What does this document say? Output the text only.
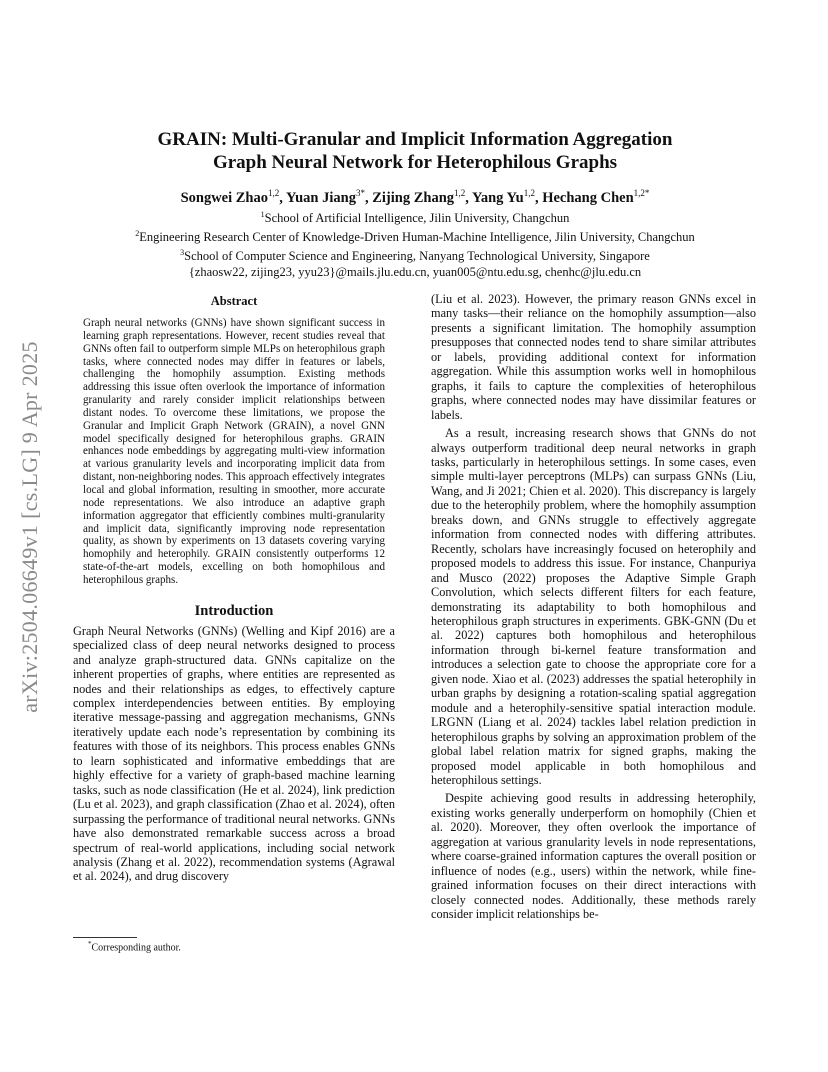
arXiv:2504.06649v1 [cs.LG] 9 Apr 2025
GRAIN: Multi-Granular and Implicit Information Aggregation
Graph Neural Network for Heterophilous Graphs
Songwei Zhao$^{1,2}$, Yuan Jiang$^{3*}$, Zijing Zhang$^{1,2}$, Yang Yu$^{1,2}$, Hechang Chen$^{1,2*}$
$^1$School of Artificial Intelligence, Jilin University, Changchun
$^2$Engineering Research Center of Knowledge-Driven Human-Machine Intelligence, Jilin University, Changchun
$^3$School of Computer Science and Engineering, Nanyang Technological University, Singapore
{zhaosw22, zijing23, yyu23}@mails.jlu.edu.cn, yuan005@ntu.edu.sg, chenhc@jlu.edu.cn
Abstract
Graph neural networks (GNNs) have shown significant success in learning graph representations. However, recent studies reveal that GNNs often fail to outperform simple MLPs on heterophilous graph tasks, where connected nodes may differ in features or labels, challenging the homophily assumption. Existing methods addressing this issue often overlook the importance of information granularity and rarely consider implicit relationships between distant nodes. To overcome these limitations, we propose the Granular and Implicit Graph Network (GRAIN), a novel GNN model specifically designed for heterophilous graphs. GRAIN enhances node embeddings by aggregating multi-view information at various granularity levels and incorporating implicit data from distant, non-neighboring nodes. This approach effectively integrates local and global information, resulting in smoother, more accurate node representations. We also introduce an adaptive graph information aggregator that efficiently combines multi-granularity and implicit data, significantly improving node representation quality, as shown by experiments on 13 datasets covering varying homophily and heterophily. GRAIN consistently outperforms 12 state-of-the-art models, excelling on both homophilous and heterophilous graphs.
Introduction

Graph Neural Networks (GNNs) (Welling and Kipf 2016) are a specialized class of deep neural networks designed to process and analyze graph-structured data. GNNs capitalize on the inherent properties of graphs, where entities are represented as nodes and their relationships as edges, to effectively capture complex interdependencies between entities. By employing iterative message-passing and aggregation mechanisms, GNNs iteratively update each node’s representation by combining its features with those of its neighbors. This process enables GNNs to learn sophisticated and informative embeddings that are highly effective for a variety of graph-based machine learning tasks, such as node classification (He et al. 2024), link prediction (Lu et al. 2023), and graph classification (Zhao et al. 2024), often surpassing the performance of traditional neural networks. GNNs have also demonstrated remarkable success across a broad spectrum of real-world applications, including social network analysis (Zhang et al. 2022), recommendation systems (Agrawal et al. 2024), and drug discovery

(Liu et al. 2023). However, the primary reason GNNs excel in many tasks—their reliance on the homophily assumption—also presents a significant limitation. The homophily assumption presupposes that connected nodes tend to share similar attributes or labels, providing additional context for information aggregation. While this assumption works well in homophilous graphs, it fails to capture the complexities of heterophilous graphs, where connected nodes may have dissimilar features or labels.

As a result, increasing research shows that GNNs do not always outperform traditional deep neural networks in graph tasks, particularly in heterophilous settings. In some cases, even simple multi-layer perceptrons (MLPs) can surpass GNNs (Liu, Wang, and Ji 2021; Chien et al. 2020). This discrepancy is largely due to the heterophily problem, where the homophily assumption breaks down, and GNNs struggle to effectively aggregate information from connected nodes with differing attributes. Recently, scholars have increasingly focused on heterophily and proposed models to address this issue. For instance, Chanpuriya and Musco (2022) proposes the Adaptive Simple Graph Convolution, which selects different filters for each feature, demonstrating its adaptability to both homophilous and heterophilous graph structures in experiments. GBK-GNN (Du et al. 2022) captures both homophilous and heterophilous information through bi-kernel feature transformation and introduces a selection gate to choose the appropriate core for a given node. Xiao et al. (2023) addresses the spatial heterophily in urban graphs by designing a rotation-scaling spatial aggregation module and a heterophily-sensitive spatial interaction module. LRGNN (Liang et al. 2024) tackles label relation prediction in heterophilous graphs by solving an approximation problem of the global label relation matrix for signed graphs, making the proposed model applicable in both homophilous and heterophilous settings.

Despite achieving good results in addressing heterophily, existing works generally underperform on homophily (Chien et al. 2020). Moreover, they often overlook the importance of aggregation at various granularity levels in node representations, where coarse-grained information captures the overall position or influence of nodes (e.g., users) within the network, while fine-grained information focuses on their direct interactions with closely connected nodes. Additionally, these methods rarely consider implicit relationships be-

*Corresponding author.
